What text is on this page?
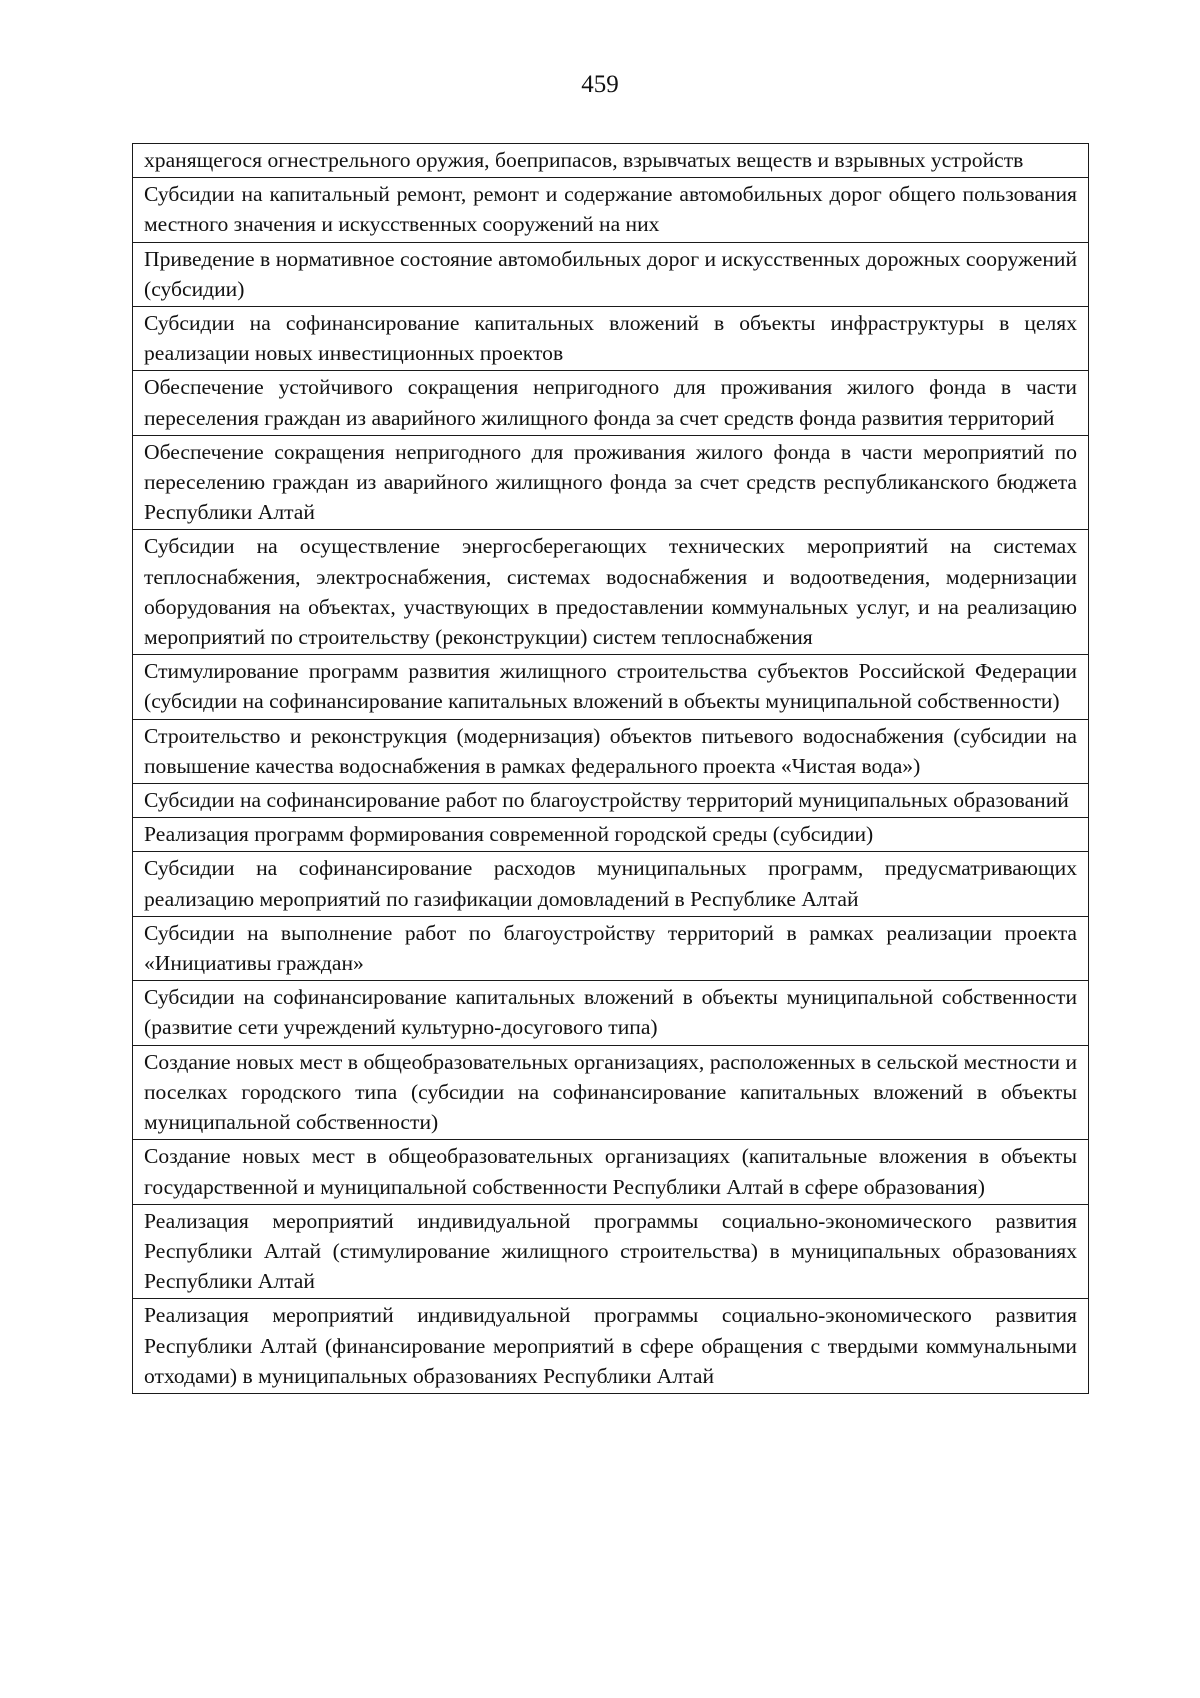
459
хранящегося огнестрельного оружия, боеприпасов, взрывчатых веществ и взрывных устройств
Субсидии на капитальный ремонт, ремонт и содержание автомобильных дорог общего пользования местного значения и искусственных сооружений на них
Приведение в нормативное состояние автомобильных дорог и искусственных дорожных сооружений (субсидии)
Субсидии на софинансирование капитальных вложений в объекты инфраструктуры в целях реализации новых инвестиционных проектов
Обеспечение устойчивого сокращения непригодного для проживания жилого фонда в части переселения граждан из аварийного жилищного фонда за счет средств фонда развития территорий
Обеспечение сокращения непригодного для проживания жилого фонда в части мероприятий по переселению граждан из аварийного жилищного фонда за счет средств республиканского бюджета Республики Алтай
Субсидии на осуществление энергосберегающих технических мероприятий на системах теплоснабжения, электроснабжения, системах водоснабжения и водоотведения, модернизации оборудования на объектах, участвующих в предоставлении коммунальных услуг, и на реализацию мероприятий по строительству (реконструкции) систем теплоснабжения
Стимулирование программ развития жилищного строительства субъектов Российской Федерации (субсидии на софинансирование капитальных вложений в объекты муниципальной собственности)
Строительство и реконструкция (модернизация) объектов питьевого водоснабжения (субсидии на повышение качества водоснабжения в рамках федерального проекта «Чистая вода»)
Субсидии на софинансирование работ по благоустройству территорий муниципальных образований
Реализация программ формирования современной городской среды (субсидии)
Субсидии на софинансирование расходов муниципальных программ, предусматривающих реализацию мероприятий по газификации домовладений в Республике Алтай
Субсидии на выполнение работ по благоустройству территорий в рамках реализации проекта «Инициативы граждан»
Субсидии на софинансирование капитальных вложений в объекты муниципальной собственности (развитие сети учреждений культурно-досугового типа)
Создание новых мест в общеобразовательных организациях, расположенных в сельской местности и поселках городского типа (субсидии на софинансирование капитальных вложений в объекты муниципальной собственности)
Создание новых мест в общеобразовательных организациях (капитальные вложения в объекты государственной и муниципальной собственности Республики Алтай в сфере образования)
Реализация мероприятий индивидуальной программы социально-экономического развития Республики Алтай (стимулирование жилищного строительства) в муниципальных образованиях Республики Алтай
Реализация мероприятий индивидуальной программы социально-экономического развития Республики Алтай (финансирование мероприятий в сфере обращения с твердыми коммунальными отходами) в муниципальных образованиях Республики Алтай
